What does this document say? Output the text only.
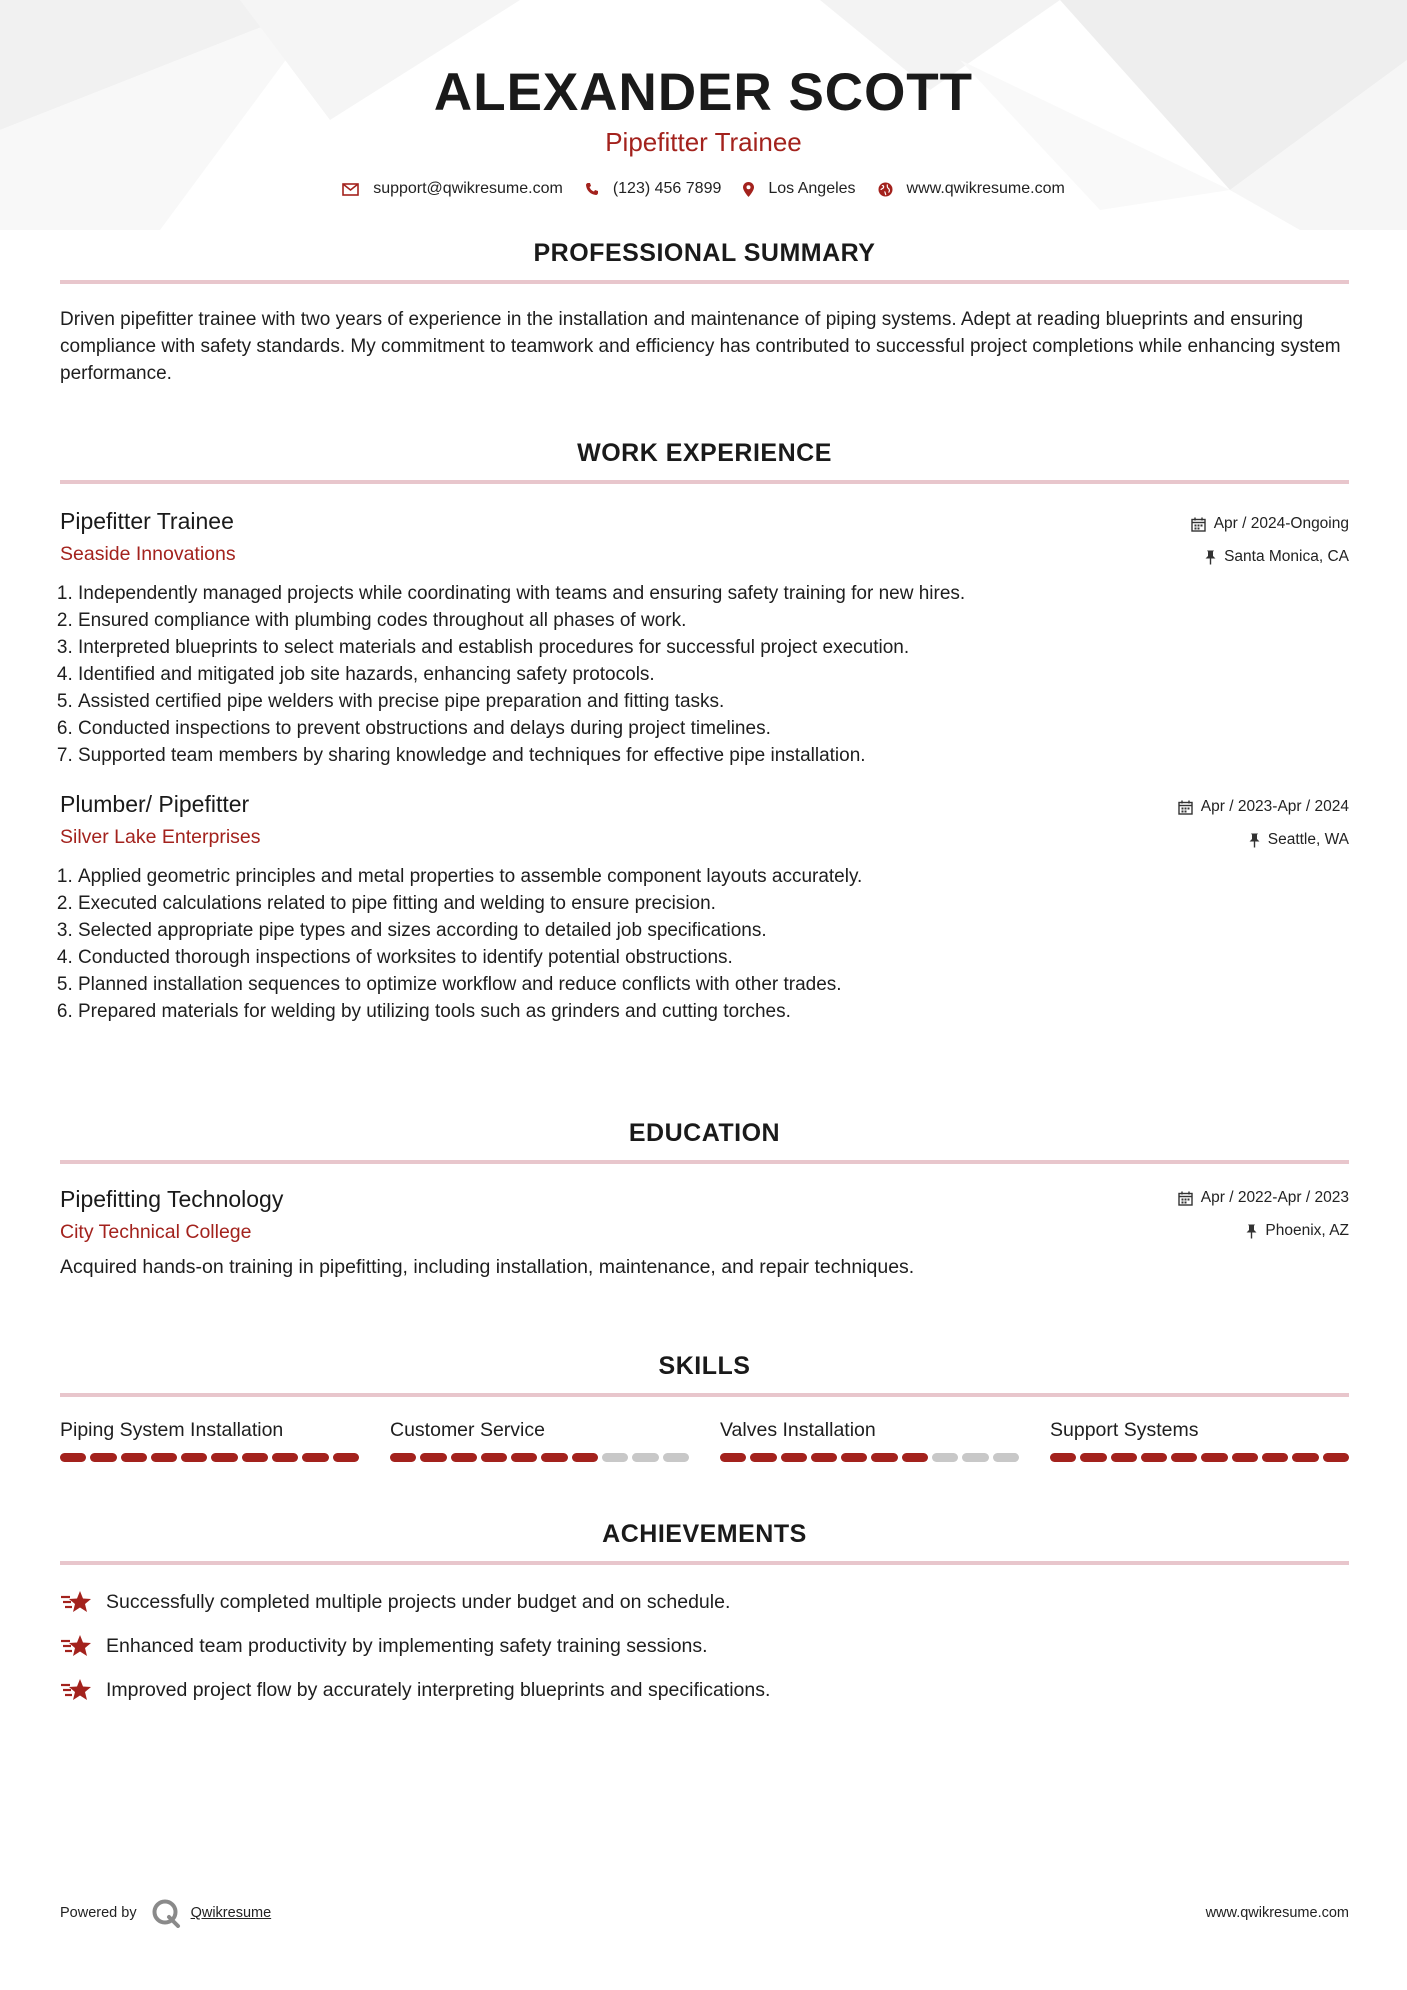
ALEXANDER SCOTT
Pipefitter Trainee
support@qwikresume.com	(123) 456 7899	Los Angeles	www.qwikresume.com
PROFESSIONAL SUMMARY
Driven pipefitter trainee with two years of experience in the installation and maintenance of piping systems. Adept at reading blueprints and ensuring compliance with safety standards. My commitment to teamwork and efficiency has contributed to successful project completions while enhancing system performance.
WORK EXPERIENCE
Pipefitter Trainee
Seaside Innovations
Apr / 2024-Ongoing
Santa Monica, CA
1. Independently managed projects while coordinating with teams and ensuring safety training for new hires.
2. Ensured compliance with plumbing codes throughout all phases of work.
3. Interpreted blueprints to select materials and establish procedures for successful project execution.
4. Identified and mitigated job site hazards, enhancing safety protocols.
5. Assisted certified pipe welders with precise pipe preparation and fitting tasks.
6. Conducted inspections to prevent obstructions and delays during project timelines.
7. Supported team members by sharing knowledge and techniques for effective pipe installation.
Plumber/ Pipefitter
Silver Lake Enterprises
Apr / 2023-Apr / 2024
Seattle, WA
1. Applied geometric principles and metal properties to assemble component layouts accurately.
2. Executed calculations related to pipe fitting and welding to ensure precision.
3. Selected appropriate pipe types and sizes according to detailed job specifications.
4. Conducted thorough inspections of worksites to identify potential obstructions.
5. Planned installation sequences to optimize workflow and reduce conflicts with other trades.
6. Prepared materials for welding by utilizing tools such as grinders and cutting torches.
EDUCATION
Pipefitting Technology
City Technical College
Apr / 2022-Apr / 2023
Phoenix, AZ
Acquired hands-on training in pipefitting, including installation, maintenance, and repair techniques.
SKILLS
Piping System Installation	Customer Service	Valves Installation	Support Systems
ACHIEVEMENTS
Successfully completed multiple projects under budget and on schedule.
Enhanced team productivity by implementing safety training sessions.
Improved project flow by accurately interpreting blueprints and specifications.
Powered by	Qwikresume	www.qwikresume.com
